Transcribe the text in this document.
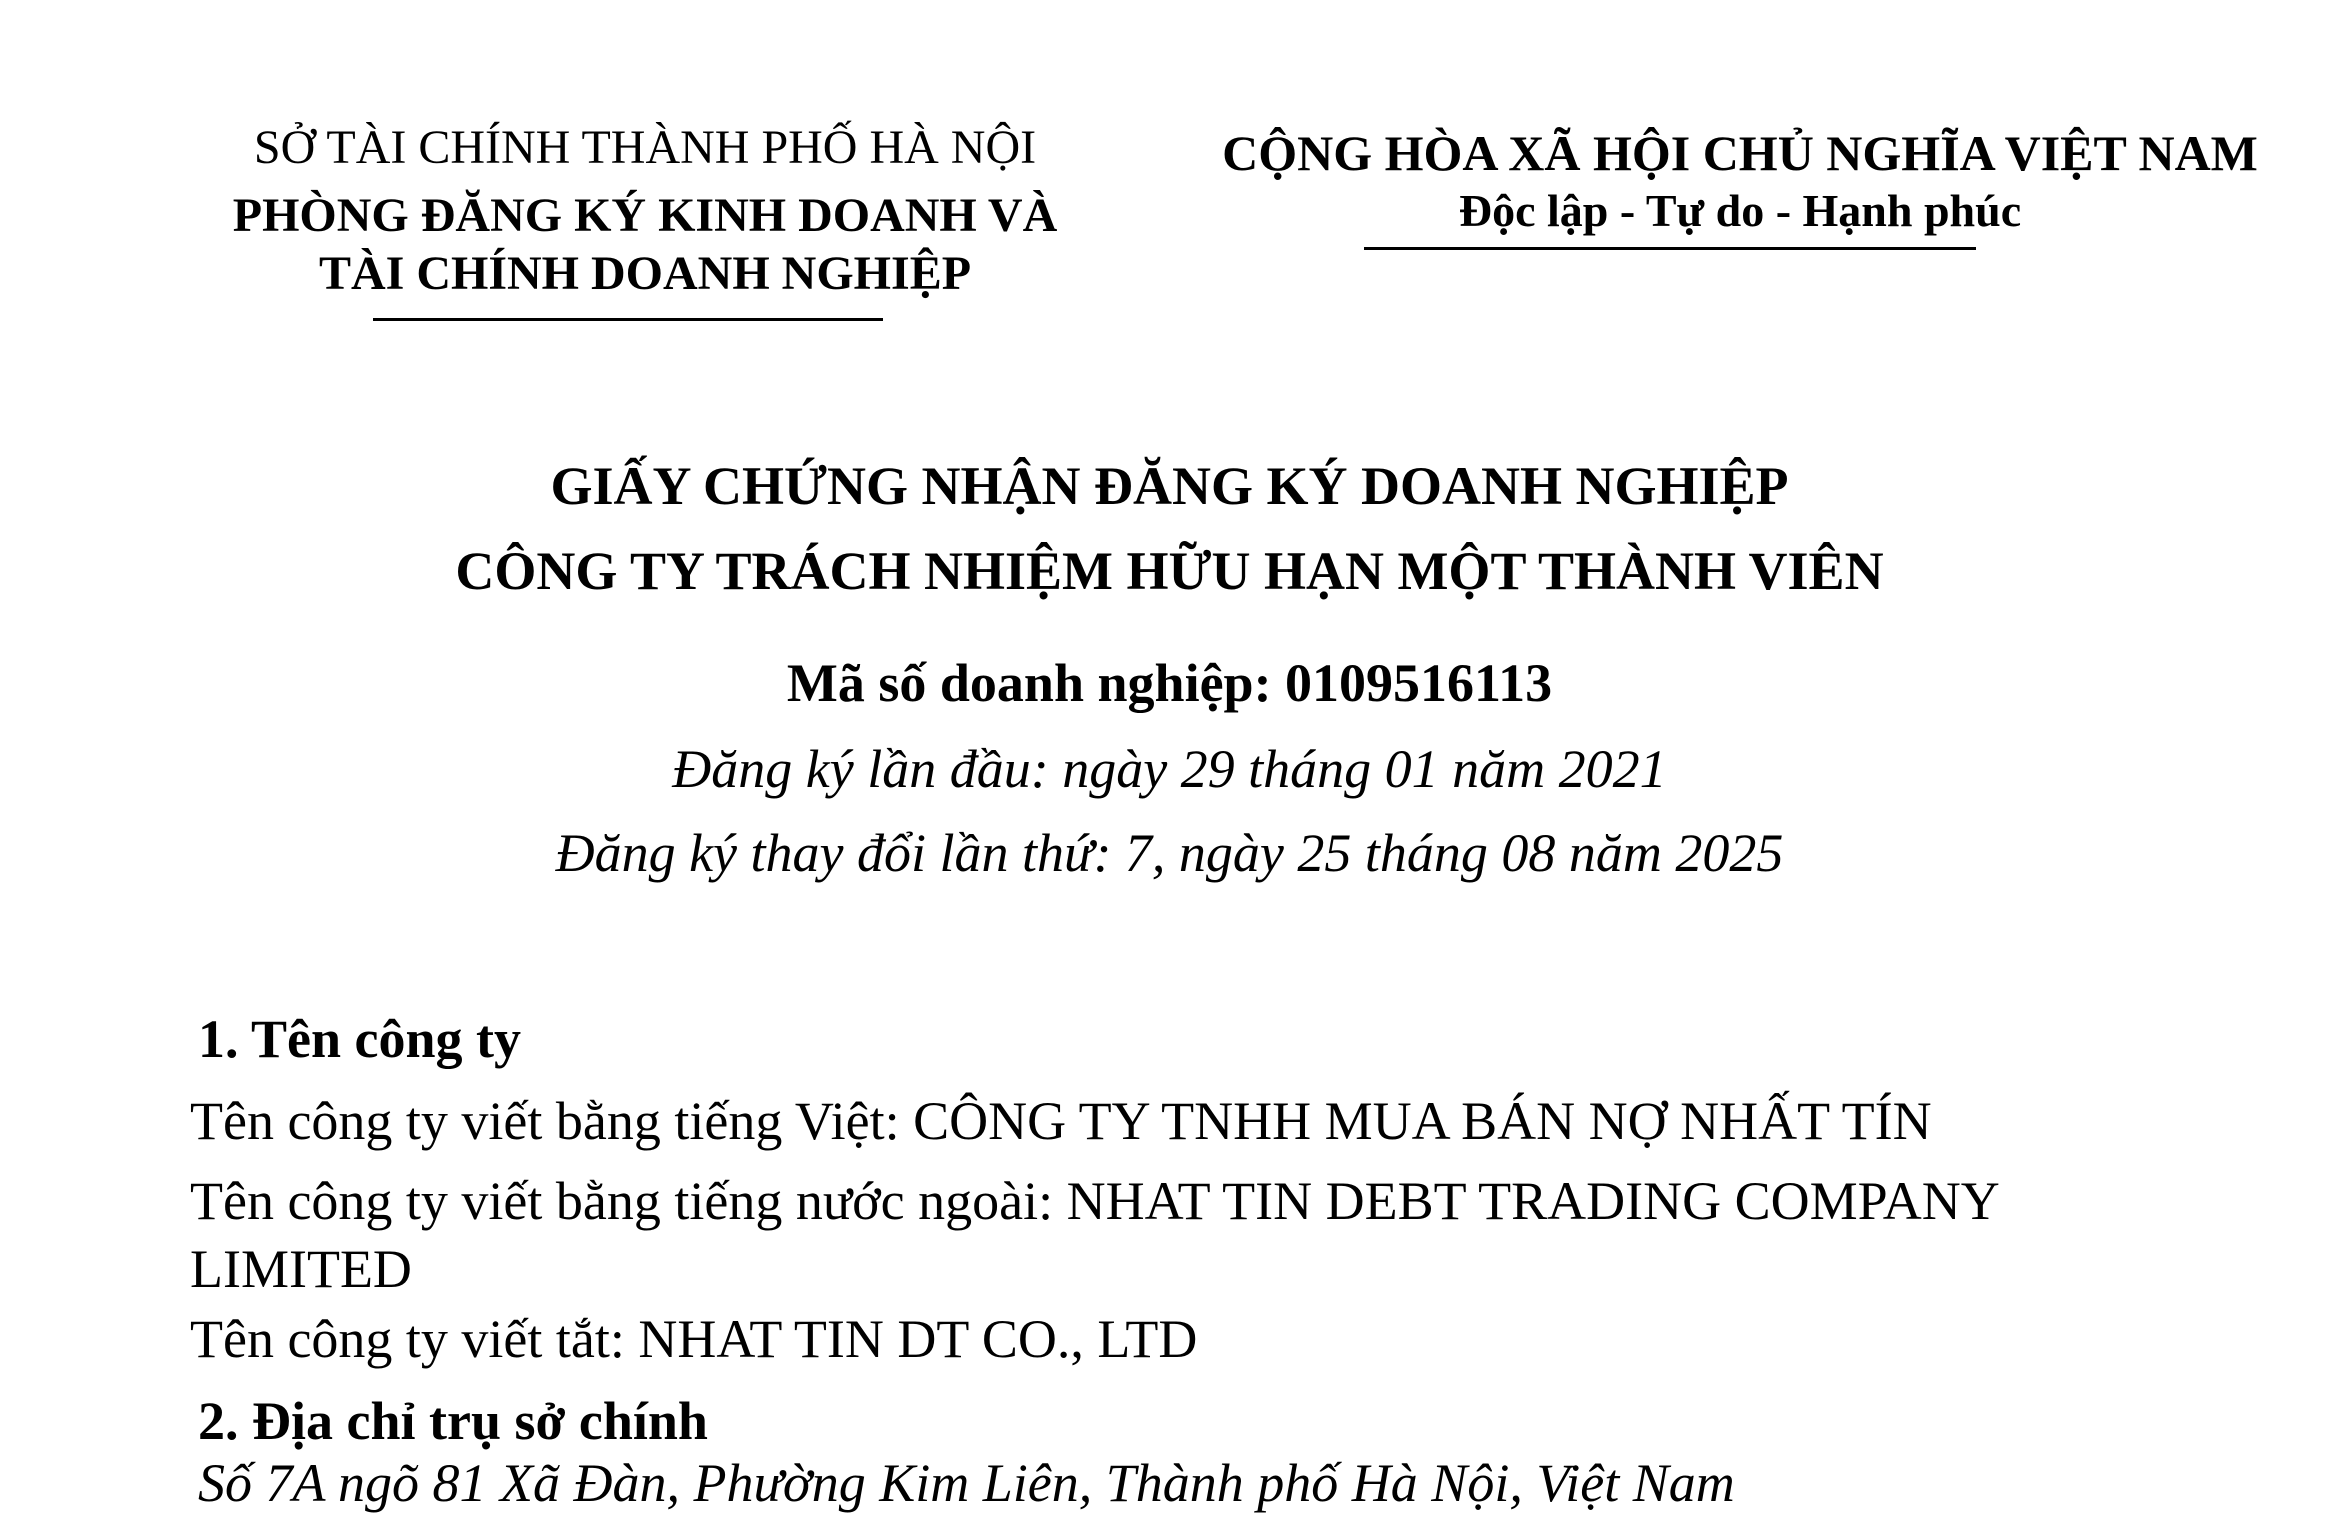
SỞ TÀI CHÍNH THÀNH PHỐ HÀ NỘI
PHÒNG ĐĂNG KÝ KINH DOANH VÀ
TÀI CHÍNH DOANH NGHIỆP
CỘNG HÒA XÃ HỘI CHỦ NGHĨA VIỆT NAM
Độc lập - Tự do - Hạnh phúc
GIẤY CHỨNG NHẬN ĐĂNG KÝ DOANH NGHIỆP
CÔNG TY TRÁCH NHIỆM HỮU HẠN MỘT THÀNH VIÊN
Mã số doanh nghiệp: 0109516113
Đăng ký lần đầu: ngày 29 tháng 01 năm 2021
Đăng ký thay đổi lần thứ: 7, ngày 25 tháng 08 năm 2025
1. Tên công ty
Tên công ty viết bằng tiếng Việt: CÔNG TY TNHH MUA BÁN NỢ NHẤT TÍN
Tên công ty viết bằng tiếng nước ngoài: NHAT TIN DEBT TRADING COMPANY
LIMITED
Tên công ty viết tắt: NHAT TIN DT CO., LTD
2. Địa chỉ trụ sở chính
Số 7A ngõ 81 Xã Đàn, Phường Kim Liên, Thành phố Hà Nội, Việt Nam
